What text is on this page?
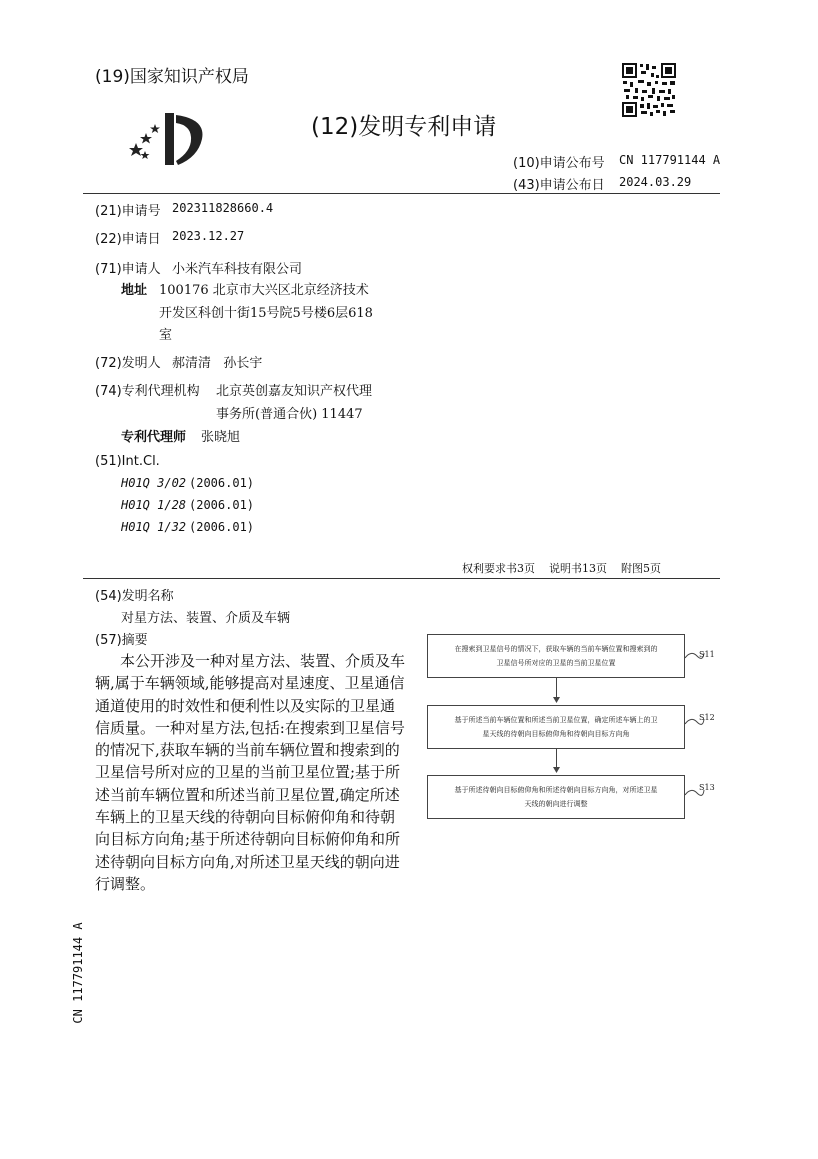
(19)国家知识产权局
(12)发明专利申请
(10)申请公布号 CN 117791144 A
(43)申请公布日 2024.03.29
(21)申请号 202311828660.4
(22)申请日 2023.12.27
(71)申请人 小米汽车科技有限公司
地址 100176 北京市大兴区北京经济技术
开发区科创十街15号院5号楼6层618
室
(72)发明人 郝清清   孙长宇
(74)专利代理机构 北京英创嘉友知识产权代理
事务所(普通合伙) 11447
专利代理师 张晓旭
(51)Int.Cl.
H01Q 3/02 (2006.01)
H01Q 1/28 (2006.01)
H01Q 1/32 (2006.01)
权利要求书3页    说明书13页    附图5页
(54)发明名称
对星方法、装置、介质及车辆
(57)摘要
本公开涉及一种对星方法、装置、介质及车
辆,属于车辆领域,能够提高对星速度、卫星通信
通道使用的时效性和便利性以及实际的卫星通
信质量。一种对星方法,包括:在搜索到卫星信号
的情况下,获取车辆的当前车辆位置和搜索到的
卫星信号所对应的卫星的当前卫星位置;基于所
述当前车辆位置和所述当前卫星位置,确定所述
车辆上的卫星天线的待朝向目标俯仰角和待朝
向目标方向角;基于所述待朝向目标俯仰角和所
述待朝向目标方向角,对所述卫星天线的朝向进
行调整。
在搜索到卫星信号的情况下，获取车辆的当前车辆位置和搜索到的
卫星信号所对应的卫星的当前卫星位置
S11
基于所述当前车辆位置和所述当前卫星位置，确定所述车辆上的卫
星天线的待朝向目标俯仰角和待朝向目标方向角
S12
基于所述待朝向目标俯仰角和所述待朝向目标方向角，对所述卫星
天线的朝向进行调整
S13
CN 117791144 A
